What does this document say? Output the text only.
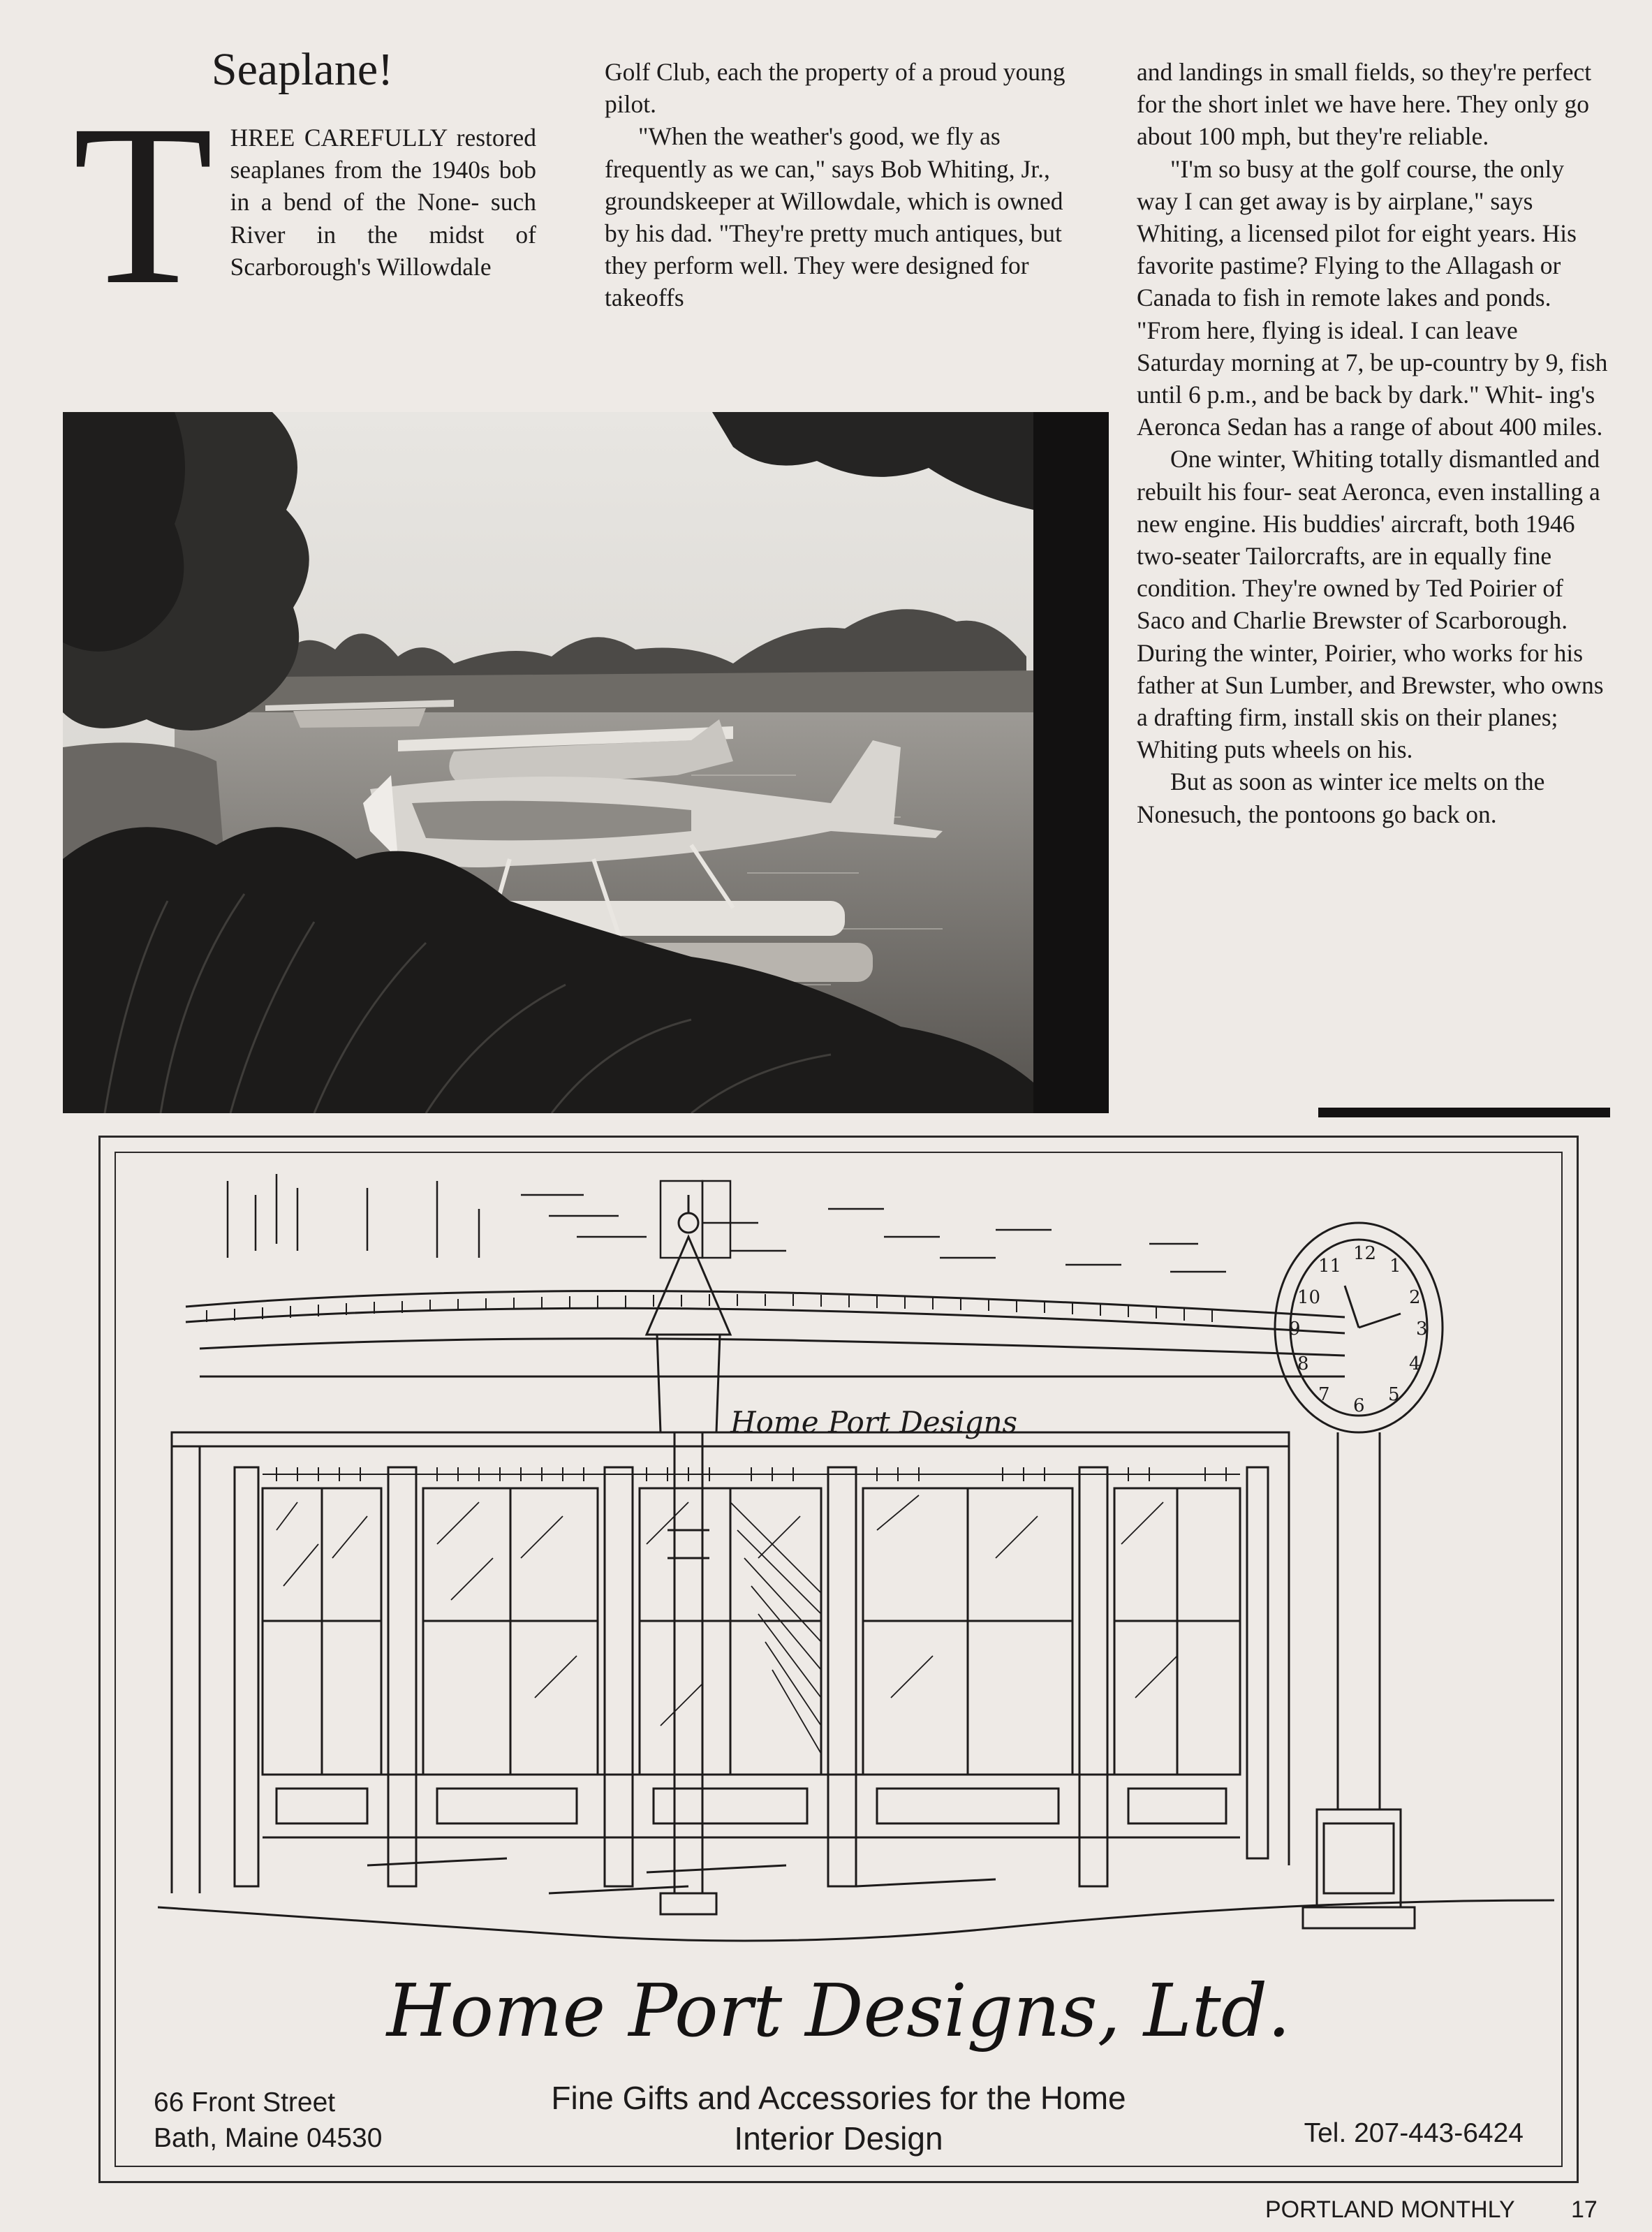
Seaplane!
T HREE CAREFULLY restored seaplanes from the 1940s bob in a bend of the None- such River in the midst of Scarborough's Willowdale

Golf Club, each the property of a proud young pilot.

"When the weather's good, we fly as frequently as we can," says Bob Whiting, Jr., groundskeeper at Willowdale, which is owned by his dad. "They're pretty much antiques, but they perform well. They were designed for takeoffs

and landings in small fields, so they're perfect for the short inlet we have here. They only go about 100 mph, but they're reliable.

"I'm so busy at the golf course, the only way I can get away is by airplane," says Whiting, a licensed pilot for eight years. His favorite pastime? Flying to the Allagash or Canada to fish in remote lakes and ponds. "From here, flying is ideal. I can leave Saturday morning at 7, be up-country by 9, fish until 6 p.m., and be back by dark." Whit- ing's Aeronca Sedan has a range of about 400 miles.

One winter, Whiting totally dismantled and rebuilt his four- seat Aeronca, even installing a new engine. His buddies' aircraft, both 1946 two-seater Tailorcrafts, are in equally fine condition. They're owned by Ted Poirier of Saco and Charlie Brewster of Scarborough. During the winter, Poirier, who works for his father at Sun Lumber, and Brewster, who owns a drafting firm, install skis on their planes; Whiting puts wheels on his.

But as soon as winter ice melts on the Nonesuch, the pontoons go back on.

Home Port Designs
12
1
2
3
4
5
6
7
8
9
10
11
Home Port Designs, Ltd.
Fine Gifts and Accessories for the Home
Interior Design
66 Front Street
Bath, Maine 04530	Tel. 207-443-6424
PORTLAND MONTHLY 17
